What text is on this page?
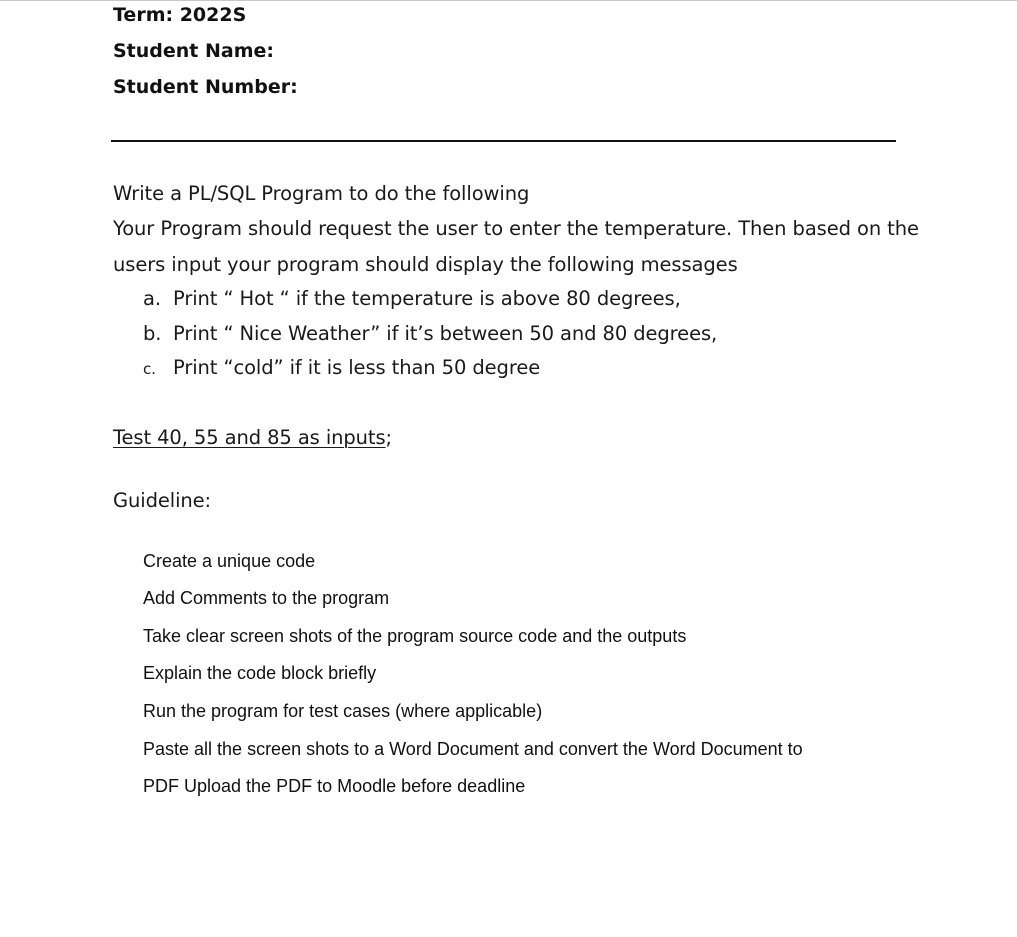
Term: 2022S
Student Name:
Student Number:
Write a PL/SQL Program to do the following
Your Program should request the user to enter the temperature. Then based on the
users input your program should display the following messages
a. Print “ Hot “ if the temperature is above 80 degrees,
b. Print “ Nice Weather” if it’s between 50 and 80 degrees,
c. Print “cold” if it is less than 50 degree
Test 40, 55 and 85 as inputs;
Guideline:
Create a unique code
Add Comments to the program
Take clear screen shots of the program source code and the outputs
Explain the code block briefly
Run the program for test cases (where applicable)
Paste all the screen shots to a Word Document and convert the Word Document to
PDF Upload the PDF to Moodle before deadline
